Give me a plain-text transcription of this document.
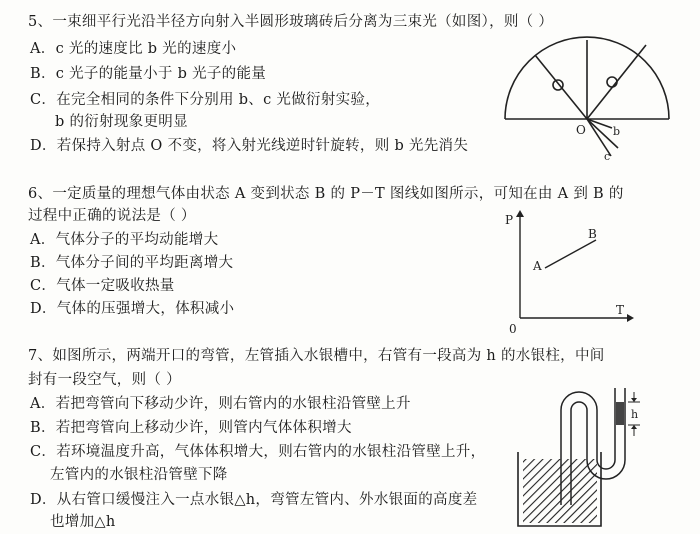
5、一束细平行光沿半径方向射入半圆形玻璃砖后分离为三束光（如图），则（ ）
A．c 光的速度比 b 光的速度小
B．c 光子的能量小于 b 光子的能量
C．在完全相同的条件下分别用 b、c 光做衍射实验，
b 的衍射现象更明显
D．若保持入射点 O 不变，将入射光线逆时针旋转，则 b 光先消失
O b
c
6、一定质量的理想气体由状态 A 变到状态 B 的 P－T 图线如图所示，可知在由 A 到 B 的
过程中正确的说法是（ ）
A．气体分子的平均动能增大
B．气体分子间的平均距离增大
C．气体一定吸收热量
D．气体的压强增大，体积减小
P
T
0
A
B
7、如图所示，两端开口的弯管，左管插入水银槽中，右管有一段高为 h 的水银柱，中间
封有一段空气，则（ ）
A．若把弯管向下移动少许，则右管内的水银柱沿管壁上升
B．若把弯管向上移动少许，则管内气体体积增大
C．若环境温度升高，气体体积增大，则右管内的水银柱沿管壁上升，
左管内的水银柱沿管壁下降
D．从右管口缓慢注入一点水银△h，弯管左管内、外水银面的高度差
也增加△h
h
